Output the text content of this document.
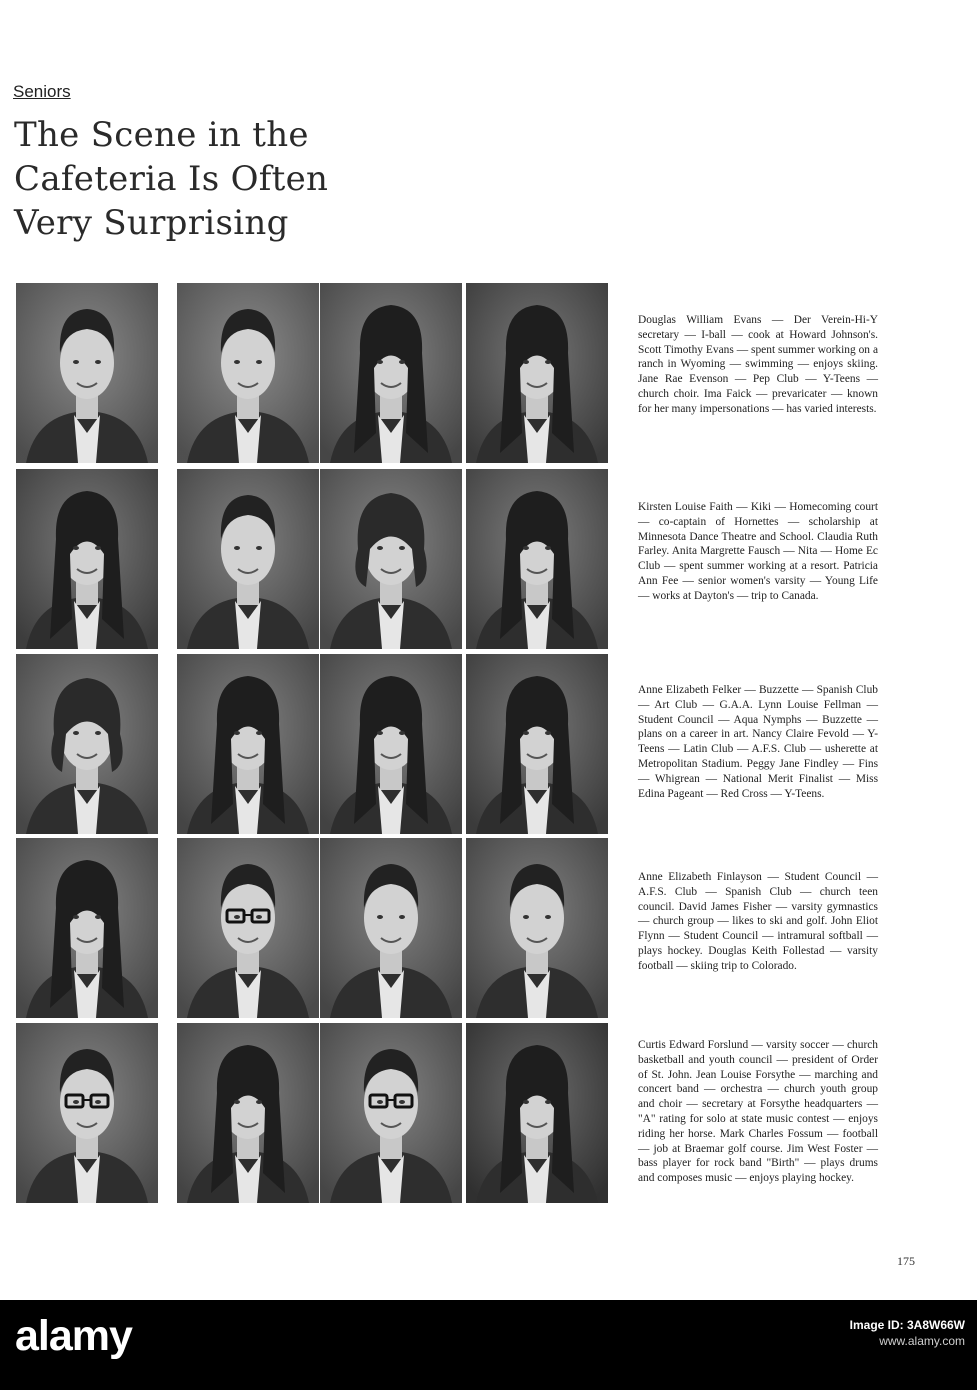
Seniors
The Scene in the Cafeteria Is Often Very Surprising
Douglas William Evans — Der Verein-Hi-Y secretary — I-ball — cook at Howard Johnson's. Scott Timothy Evans — spent summer working on a ranch in Wyoming — swimming — enjoys skiing. Jane Rae Evenson — Pep Club — Y-Teens — church choir. Ima Faick — prevaricater — known for her many impersonations — has varied interests.
Kirsten Louise Faith — Kiki — Homecoming court — co-captain of Hornettes — scholarship at Minnesota Dance Theatre and School. Claudia Ruth Farley. Anita Margrette Fausch — Nita — Home Ec Club — spent summer working at a resort. Patricia Ann Fee — senior women's varsity — Young Life — works at Dayton's — trip to Canada.
Anne Elizabeth Felker — Buzzette — Spanish Club — Art Club — G.A.A. Lynn Louise Fellman — Student Council — Aqua Nymphs — Buzzette — plans on a career in art. Nancy Claire Fevold — Y-Teens — Latin Club — A.F.S. Club — usherette at Metropolitan Stadium. Peggy Jane Findley — Fins — Whigrean — National Merit Finalist — Miss Edina Pageant — Red Cross — Y-Teens.
Anne Elizabeth Finlayson — Student Council — A.F.S. Club — Spanish Club — church teen council. David James Fisher — varsity gymnastics — church group — likes to ski and golf. John Eliot Flynn — Student Council — intramural softball — plays hockey. Douglas Keith Follestad — varsity football — skiing trip to Colorado.
Curtis Edward Forslund — varsity soccer — church basketball and youth council — president of Order of St. John. Jean Louise Forsythe — marching and concert band — orchestra — church youth group and choir — secretary at Forsythe headquarters — "A" rating for solo at state music contest — enjoys riding her horse. Mark Charles Fossum — football — job at Braemar golf course. Jim West Foster — bass player for rock band "Birth" — plays drums and composes music — enjoys playing hockey.
175
alamy	Image ID: 3A8W66W
www.alamy.com
